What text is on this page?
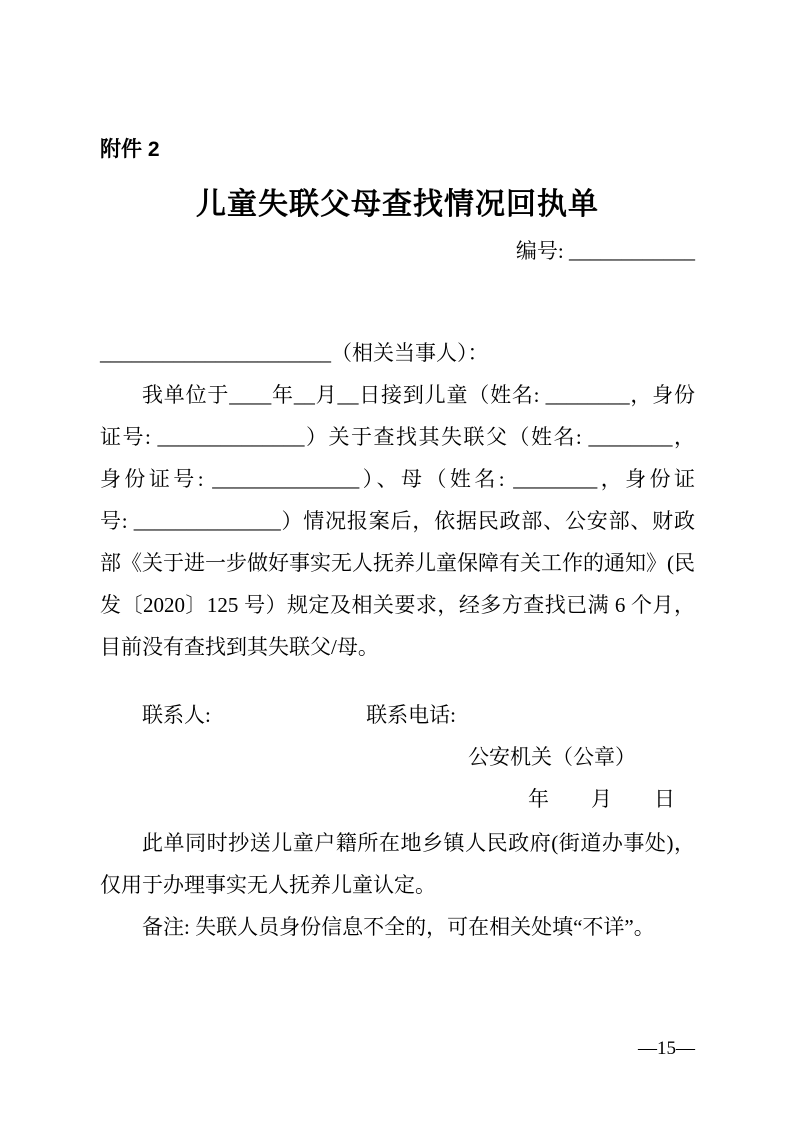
附件 2
儿童失联父母查找情况回执单
编号: ____________
______________________（相关当事人）：
我单位于____年__月__日接到儿童（姓名: ________，身份
证号: ______________）关于查找其失联父（姓名: ________，
身份证号: ______________）、母（姓名: ________，身份证
号: ______________）情况报案后，依据民政部、公安部、财政
部《关于进一步做好事实无人抚养儿童保障有关工作的通知》(民
发〔2020〕125 号）规定及相关要求，经多方查找已满 6 个月，
目前没有查找到其失联父/母。
联系人:	联系电话:
公安机关（公章）
年　　月　　日
此单同时抄送儿童户籍所在地乡镇人民政府(街道办事处)，
仅用于办理事实无人抚养儿童认定。
备注: 失联人员身份信息不全的，可在相关处填“不详”。
—15—
